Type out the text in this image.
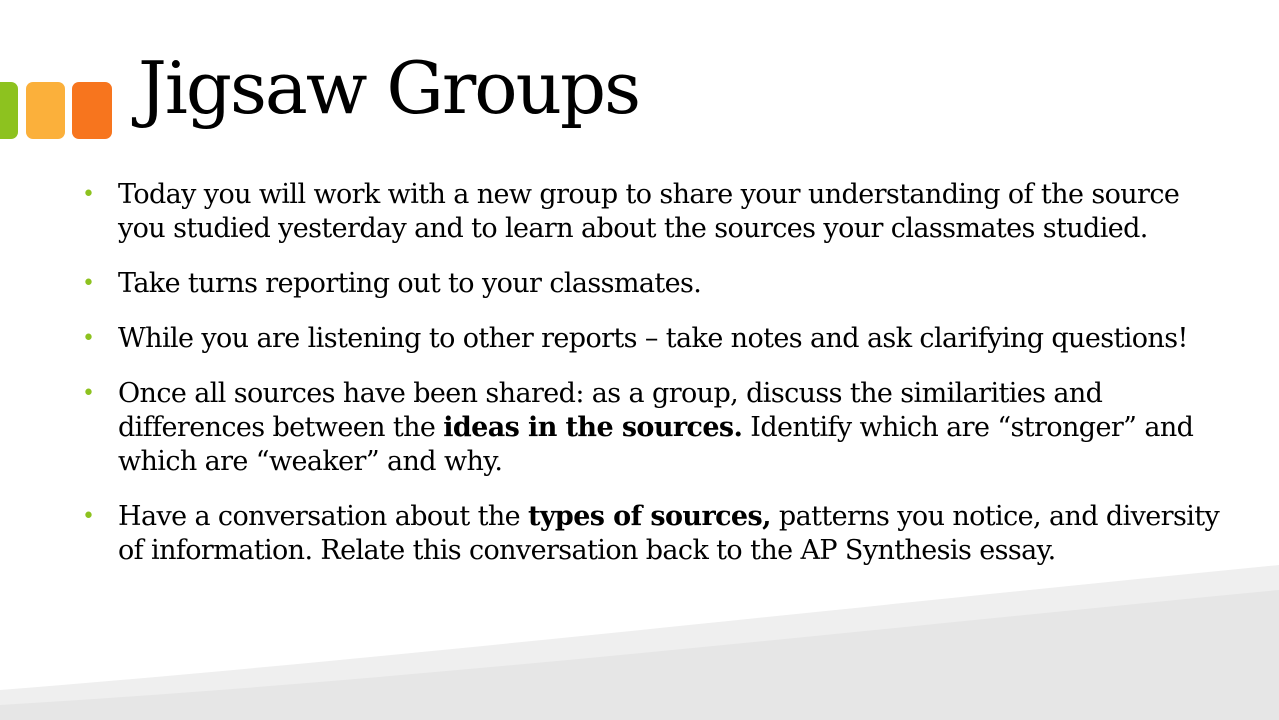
Jigsaw Groups
• Today you will work with a new group to share your understanding of the source you studied yesterday and to learn about the sources your classmates studied.
• Take turns reporting out to your classmates.
• While you are listening to other reports – take notes and ask clarifying questions!
• Once all sources have been shared: as a group, discuss the similarities and differences between the ideas in the sources. Identify which are “stronger” and which are “weaker” and why.
• Have a conversation about the types of sources, patterns you notice, and diversity of information. Relate this conversation back to the AP Synthesis essay.
